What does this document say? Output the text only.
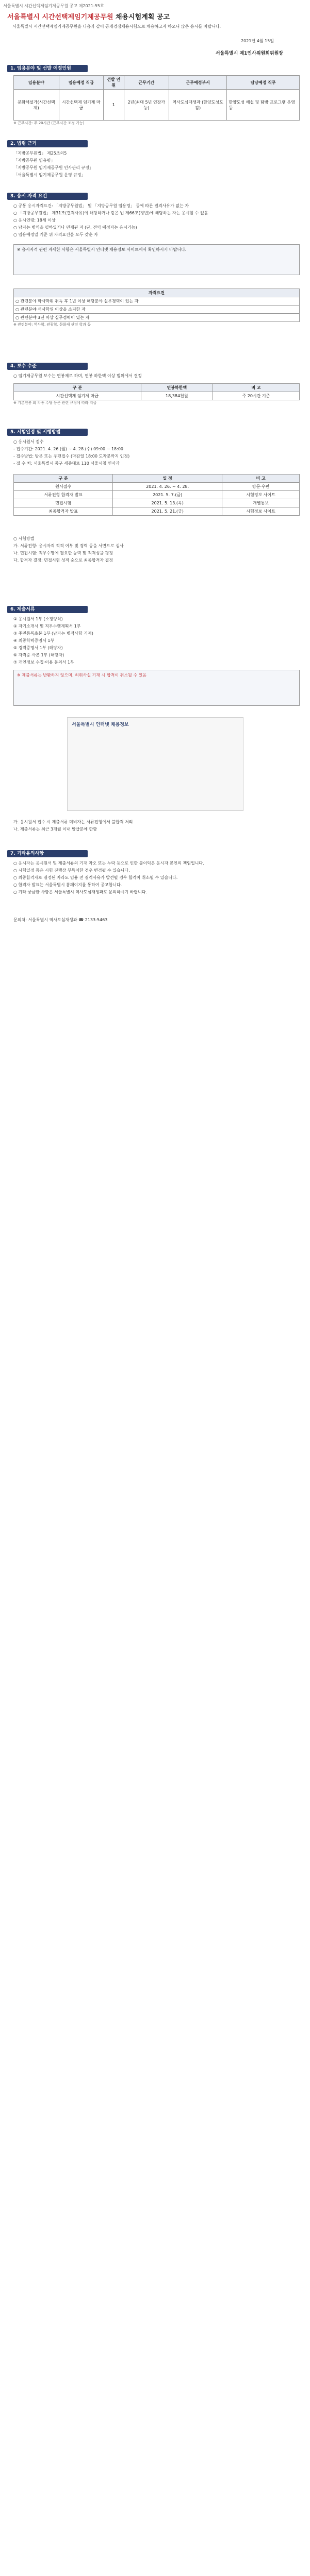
서울특별시 시간선택제임기제공무원 공고 제2021-55호
서울특별시 시간선택제임기제공무원 채용시험계획 공고
서울특별시 시간선택제임기제공무원을 다음과 같이 공개경쟁채용시험으로 채용하고자 하오니 많은 응시를 바랍니다.
2021년 4월 15일
서울특별시 제1인사위원회위원장
1. 임용분야 및 선발 예정인원
임용분야	임용예정 직급	선발 인원	근무기간	근무예정부서	담당예정 직무
문화해설가(시간선택제)	시간선택제 임기제 마급	1	2년(최대 5년 연장가능)	역사도심재생과 (한양도성도감)	한양도성 해설 및 탐방 프로그램 운영 등
※ 근무시간: 주 20시간 (근무시간 조정 가능)
2. 법령 근거

「지방공무원법」 제25조의5

「지방공무원 임용령」

「지방공무원 임기제공무원 인사관리 규정」

「서울특별시 임기제공무원 운영 규정」

3. 응시 자격 요건

○ 공통 응시자격요건: 「지방공무원법」 및 「지방공무원 임용령」 등에 따른 결격사유가 없는 자

○ 「지방공무원법」 제31조(결격사유)에 해당하거나 같은 법 제66조(정년)에 해당하는 자는 응시할 수 없음

○ 응시연령: 18세 이상

○ 남자는 병역을 필하였거나 면제된 자 (단, 전역 예정자는 응시가능)

○ 임용예정일 기준 위 자격요건을 모두 갖춘 자

※ 응시자격 관련 자세한 사항은 서울특별시 인터넷 채용정보 사이트에서 확인하시기 바랍니다.
자격요건
○ 관련분야 학사학위 취득 후 1년 이상 해당분야 실무경력이 있는 자
○ 관련분야 석사학위 이상을 소지한 자
○ 관련분야 3년 이상 실무경력이 있는 자
※ 관련분야: 역사학, 관광학, 문화재 관련 학과 등
4. 보수 수준

○ 임기제공무원 보수는 연봉제로 하며, 연봉 하한액 이상 범위에서 결정

구 분	연봉하한액	비 고
시간선택제 임기제 마급	18,384천원	주 20시간 기준
※ 기본연봉 외 각종 수당 등은 관련 규정에 따라 지급
5. 시험일정 및 시행방법

○ 응시원서 접수

- 접수기간: 2021. 4. 26.(월) ~ 4. 28.(수) 09:00 ~ 18:00

- 접수방법: 방문 또는 우편접수 (마감일 18:00 도착분까지 인정)

- 접 수 처: 서울특별시 중구 세종대로 110 서울시청 인사과

구 분	일 정	비 고
원서접수	2021. 4. 26. ~ 4. 28.	방문·우편
서류전형 합격자 발표	2021. 5. 7.(금)	시험정보 사이트
면접시험	2021. 5. 13.(목)	개별통보
최종합격자 발표	2021. 5. 21.(금)	시험정보 사이트

○ 시험방법

가. 서류전형: 응시자격 적격 여부 및 경력 등을 서면으로 심사

나. 면접시험: 직무수행에 필요한 능력 및 적격성을 평정

다. 합격자 결정: 면접시험 성적 순으로 최종합격자 결정

6. 제출서류

① 응시원서 1부 (소정양식)

② 자기소개서 및 직무수행계획서 1부

③ 주민등록초본 1부 (남자는 병적사항 기재)

④ 최종학력증명서 1부

⑤ 경력증명서 1부 (해당자)

⑥ 자격증 사본 1부 (해당자)

⑦ 개인정보 수집·이용 동의서 1부

※ 제출서류는 반환하지 않으며, 허위사실 기재 시 합격이 취소될 수 있음
서울특별시 인터넷 채용정보

가. 응시원서 접수 시 제출서류 미비자는 서류전형에서 불합격 처리

나. 제출서류는 최근 3개월 이내 발급분에 한함

7. 기타유의사항

○ 응시자는 응시원서 및 제출서류의 기재 착오 또는 누락 등으로 인한 불이익은 응시자 본인의 책임입니다.

○ 시험일정 등은 시험 진행상 부득이한 경우 변경될 수 있습니다.

○ 최종합격자로 결정된 자라도 임용 전 결격사유가 발견될 경우 합격이 취소될 수 있습니다.

○ 합격자 발표는 서울특별시 홈페이지를 통하여 공고합니다.

○ 기타 궁금한 사항은 서울특별시 역사도심재생과로 문의하시기 바랍니다.

문의처: 서울특별시 역사도심재생과 ☎ 2133-5463
